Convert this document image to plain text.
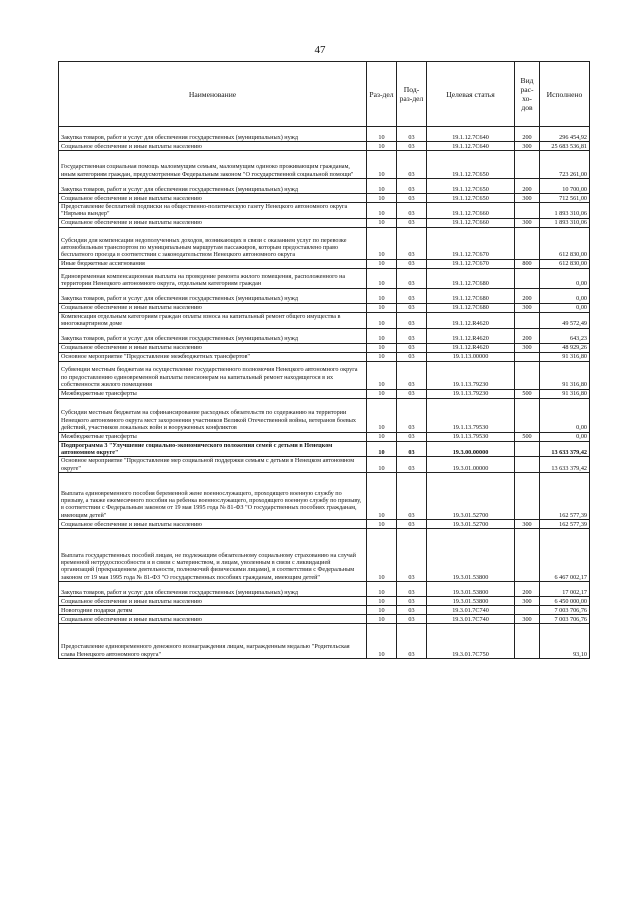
47
Наименование	Раз-дел	Под-раз-дел	Целевая статья	Вид рас-хо-дов	Исполнено
Закупка товаров, работ и услуг для обеспечения государственных (муниципальных) нужд	10	03	19.1.12.7С640	200	296 454,92
Социальное обеспечение и иные выплаты населению	10	03	19.1.12.7С640	300	25 683 536,81
Государственная социальная помощь малоимущим семьям, малоимущим одиноко проживающим гражданам, иным категориям граждан, предусмотренные Федеральным законом "О государственной социальной помощи"	10	03	19.1.12.7С650		723 261,00
Закупка товаров, работ и услуг для обеспечения государственных (муниципальных) нужд	10	03	19.1.12.7С650	200	10 700,00
Социальное обеспечение и иные выплаты населению	10	03	19.1.12.7С650	300	712 561,00
Предоставление бесплатной подписки на общественно-политическую газету Ненецкого автономного округа "Няръяна вындер"	10	03	19.1.12.7С660		1 893 310,06
Социальное обеспечение и иные выплаты населению	10	03	19.1.12.7С660	300	1 893 310,06
Субсидии для компенсации недополученных доходов, возникающих в связи с оказанием услуг по перевозке автомобильным транспортом по муниципальным маршрутам пассажиров, которым предоставлено право бесплатного проезда в соответствии с законодательством Ненецкого автономного округа	10	03	19.1.12.7С670		612 830,00
Иные бюджетные ассигнования	10	03	19.1.12.7С670	800	612 830,00
Единовременная компенсационная выплата на проведение ремонта жилого помещения, расположенного на территории Ненецкого автономного округа, отдельным категориям граждан	10	03	19.1.12.7С680		0,00
Закупка товаров, работ и услуг для обеспечения государственных (муниципальных) нужд	10	03	19.1.12.7С680	200	0,00
Социальное обеспечение и иные выплаты населению	10	03	19.1.12.7С680	300	0,00
Компенсация отдельным категориям граждан оплаты взноса на капитальный ремонт общего имущества в многоквартирном доме	10	03	19.1.12.R4620		49 572,49
Закупка товаров, работ и услуг для обеспечения государственных (муниципальных) нужд	10	03	19.1.12.R4620	200	643,23
Социальное обеспечение и иные выплаты населению	10	03	19.1.12.R4620	300	48 929,26
Основное мероприятие "Предоставление межбюджетных трансфертов"	10	03	19.1.13.00000		91 316,80
Субвенции местным бюджетам на осуществление государственного полномочия Ненецкого автономного округа по предоставлению единовременной выплаты пенсионерам на капитальный ремонт находящегося в их собственности жилого помещения	10	03	19.1.13.79230		91 316,80
Межбюджетные трансферты	10	03	19.1.13.79230	500	91 316,80
Субсидии местным бюджетам на софинансирование расходных обязательств по содержанию на территории Ненецкого автономного округа мест захоронения участников Великой Отечественной войны, ветеранов боевых действий, участников локальных войн и вооруженных конфликтов	10	03	19.1.13.79530		0,00
Межбюджетные трансферты	10	03	19.1.13.79530	500	0,00
Подпрограмма 3 "Улучшение социально-экономического положения семей с детьми в Ненецком автономном округе"	10	03	19.3.00.00000		13 633 379,42
Основное мероприятие "Предоставление мер социальной поддержки семьям с детьми в Ненецком автономном округе"	10	03	19.3.01.00000		13 633 379,42
Выплата единовременного пособия беременной жене военнослужащего, проходящего военную службу по призыву, а также ежемесячного пособия на ребенка военнослужащего, проходящего военную службу по призыву, в соответствии с Федеральным законом от 19 мая 1995 года № 81-ФЗ "О государственных пособиях гражданам, имеющим детей"	10	03	19.3.01.52700		162 577,39
Социальное обеспечение и иные выплаты населению	10	03	19.3.01.52700	300	162 577,39
Выплата государственных пособий лицам, не подлежащим обязательному социальному страхованию на случай временной нетрудоспособности и в связи с материнством, и лицам, уволенным в связи с ликвидацией организаций (прекращением деятельности, полномочий физическими лицами), в соответствии с Федеральным законом от 19 мая 1995 года № 81-ФЗ "О государственных пособиях гражданам, имеющим детей"	10	03	19.3.01.53800		6 467 002,17
Закупка товаров, работ и услуг для обеспечения государственных (муниципальных) нужд	10	03	19.3.01.53800	200	17 002,17
Социальное обеспечение и иные выплаты населению	10	03	19.3.01.53800	300	6 450 000,00
Новогодние подарки детям	10	03	19.3.01.7С740		7 003 706,76
Социальное обеспечение и иные выплаты населению	10	03	19.3.01.7С740	300	7 003 706,76
Предоставление единовременного денежного вознаграждения лицам, награжденным медалью "Родительская слава Ненецкого автономного округа"	10	03	19.3.01.7С750		93,10
